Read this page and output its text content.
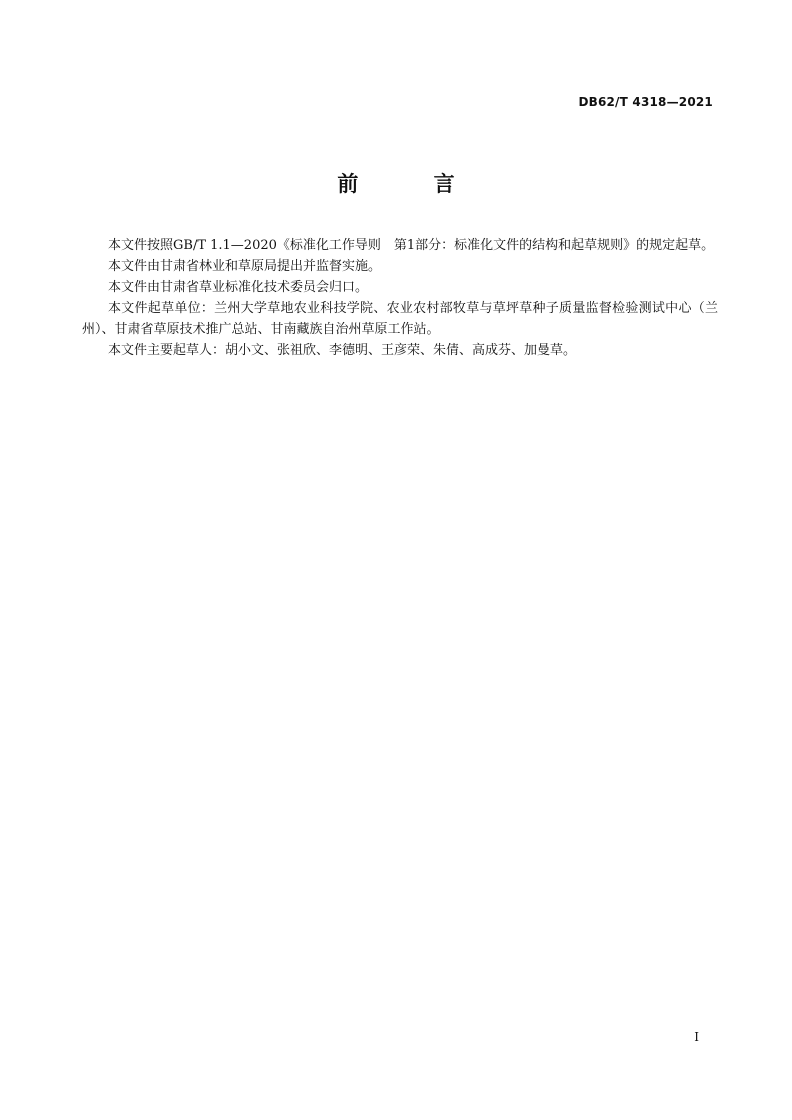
DB62/T 4318—2021
前 言

本文件按照GB/T 1.1—2020《标准化工作导则　第1部分：标准化文件的结构和起草规则》的规定起草。

本文件由甘肃省林业和草原局提出并监督实施。

本文件由甘肃省草业标准化技术委员会归口。

本文件起草单位：兰州大学草地农业科技学院、农业农村部牧草与草坪草种子质量监督检验测试中心（兰州）、甘肃省草原技术推广总站、甘南藏族自治州草原工作站。

本文件主要起草人：胡小文、张祖欣、李德明、王彦荣、朱倩、高成芬、加曼草。

I
